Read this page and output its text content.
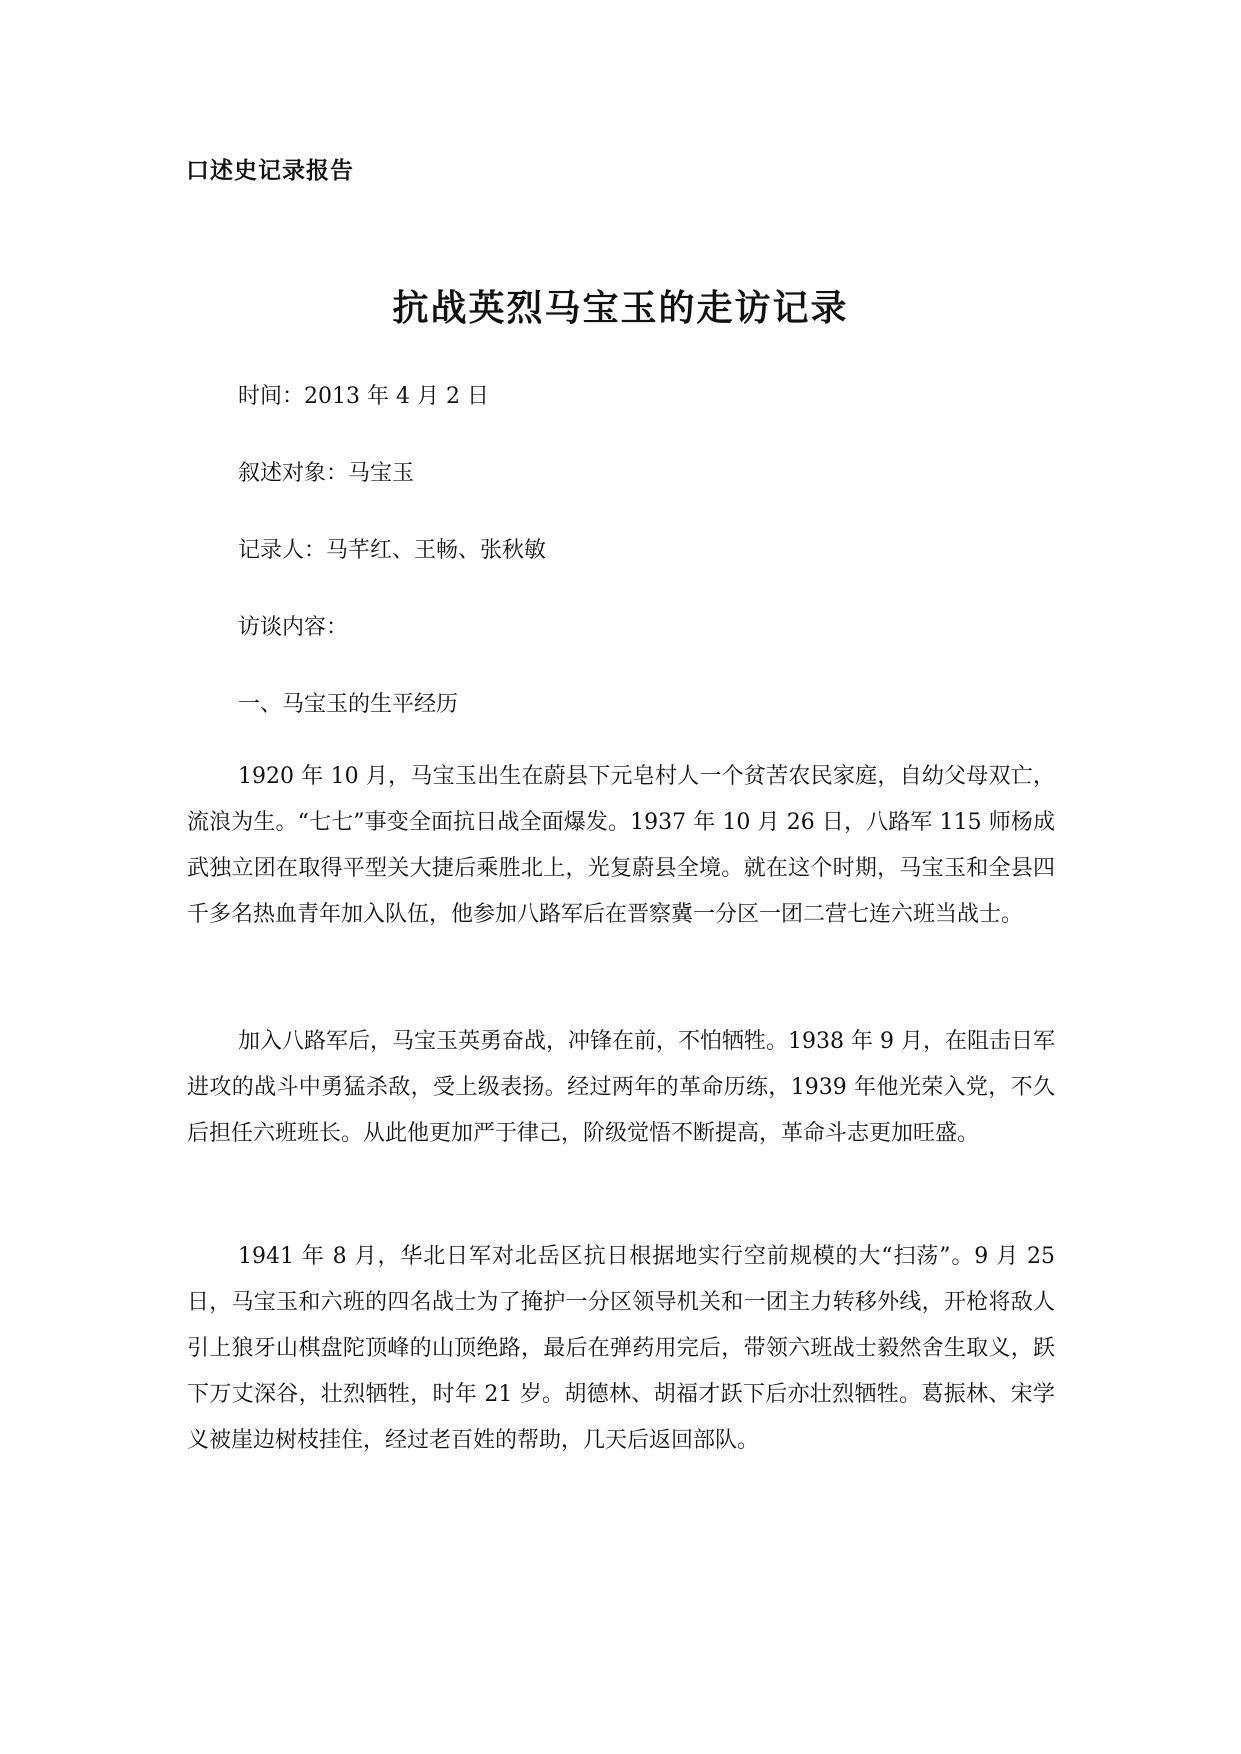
口述史记录报告
抗战英烈马宝玉的走访记录
时间：2013 年 4 月 2 日
叙述对象：马宝玉
记录人：马芊红、王畅、张秋敏
访谈内容：
一、马宝玉的生平经历

1920 年 10 月，马宝玉出生在蔚县下元皂村人一个贫苦农民家庭，自幼父母双亡，流浪为生。“七七”事变全面抗日战全面爆发。1937 年 10 月 26 日，八路军 115 师杨成武独立团在取得平型关大捷后乘胜北上，光复蔚县全境。就在这个时期，马宝玉和全县四千多名热血青年加入队伍，他参加八路军后在晋察冀一分区一团二营七连六班当战士。

加入八路军后，马宝玉英勇奋战，冲锋在前，不怕牺牲。1938 年 9 月，在阻击日军进攻的战斗中勇猛杀敌，受上级表扬。经过两年的革命历练，1939 年他光荣入党，不久后担任六班班长。从此他更加严于律己，阶级觉悟不断提高，革命斗志更加旺盛。

1941 年 8 月，华北日军对北岳区抗日根据地实行空前规模的大“扫荡”。9 月 25 日，马宝玉和六班的四名战士为了掩护一分区领导机关和一团主力转移外线，开枪将敌人引上狼牙山棋盘陀顶峰的山顶绝路，最后在弹药用完后，带领六班战士毅然舍生取义，跃下万丈深谷，壮烈牺牲，时年 21 岁。胡德林、胡福才跃下后亦壮烈牺牲。葛振林、宋学义被崖边树枝挂住，经过老百姓的帮助，几天后返回部队。
